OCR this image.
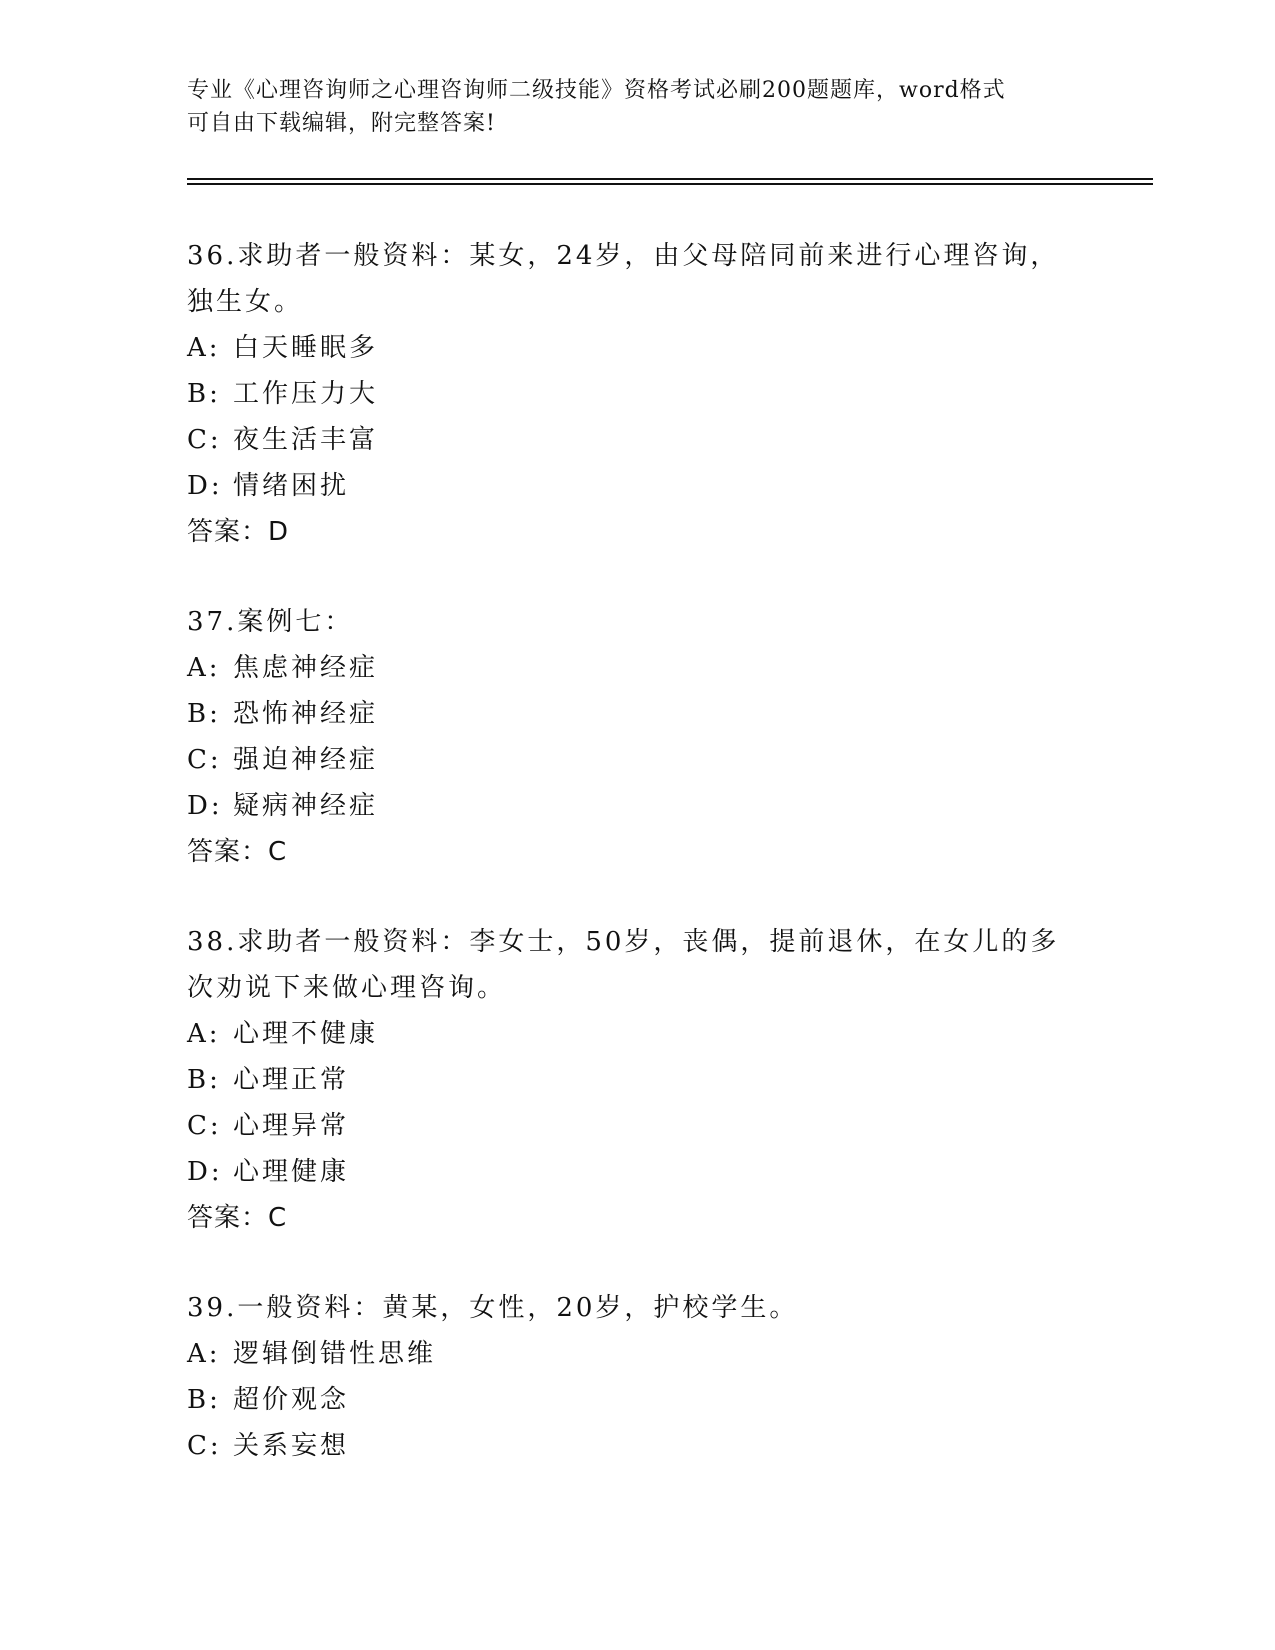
专业《心理咨询师之心理咨询师二级技能》资格考试必刷200题题库，word格式
可自由下载编辑，附完整答案!
36.求助者一般资料：某女，24岁，由父母陪同前来进行心理咨询，独生女。
A: 白天睡眠多
B: 工作压力大
C: 夜生活丰富
D: 情绪困扰
答案：D
37.案例七：
A: 焦虑神经症
B: 恐怖神经症
C: 强迫神经症
D: 疑病神经症
答案：C
38.求助者一般资料：李女士，50岁，丧偶，提前退休，在女儿的多次劝说下来做心理咨询。
A: 心理不健康
B: 心理正常
C: 心理异常
D: 心理健康
答案：C
39.一般资料：黄某，女性，20岁，护校学生。
A: 逻辑倒错性思维
B: 超价观念
C: 关系妄想
